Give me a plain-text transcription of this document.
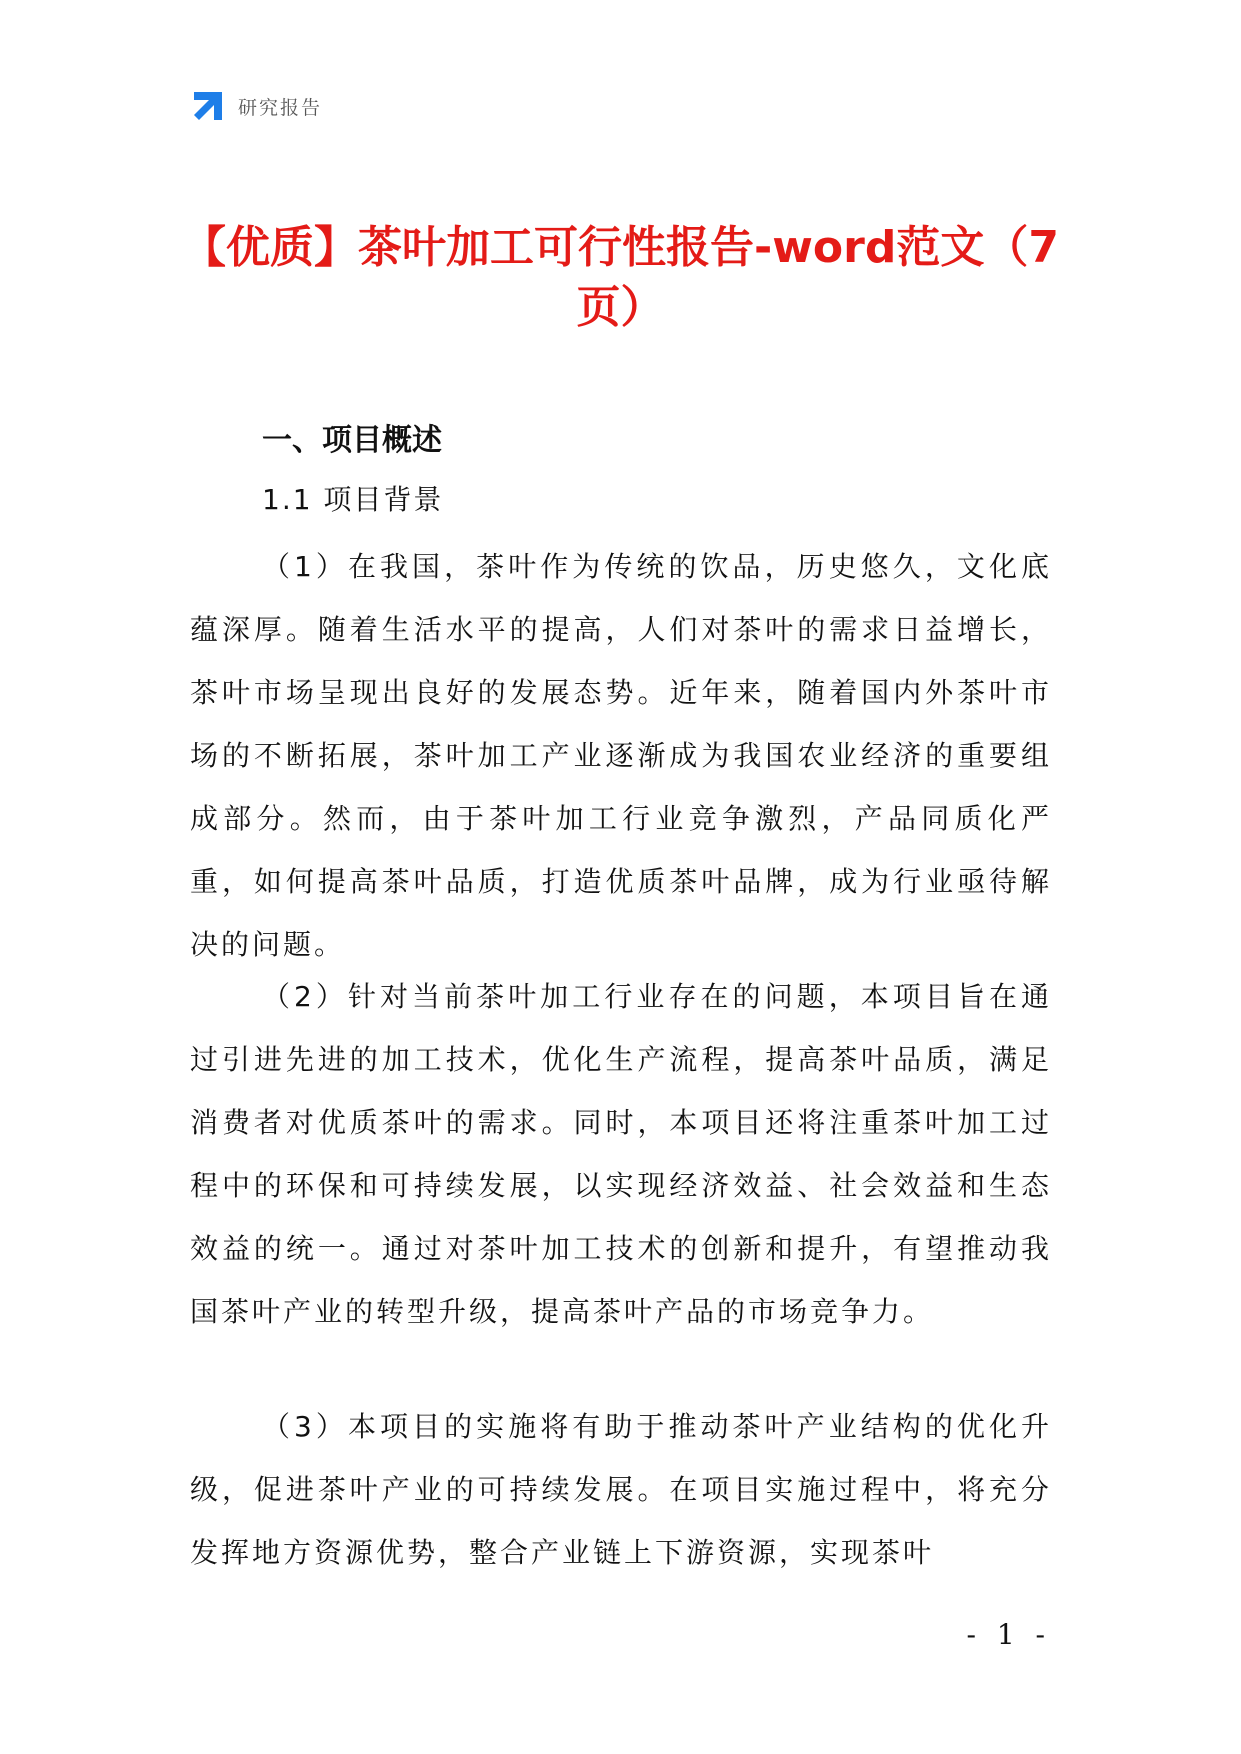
研究报告
【优质】茶叶加工可行性报告-word范文（7页）
一、项目概述
1.1 项目背景

（1）在我国，茶叶作为传统的饮品，历史悠久，文化底蕴深厚。随着生活水平的提高，人们对茶叶的需求日益增长，茶叶市场呈现出良好的发展态势。近年来，随着国内外茶叶市场的不断拓展，茶叶加工产业逐渐成为我国农业经济的重要组成部分。然而，由于茶叶加工行业竞争激烈，产品同质化严重，如何提高茶叶品质，打造优质茶叶品牌，成为行业亟待解决的问题。

（2）针对当前茶叶加工行业存在的问题，本项目旨在通过引进先进的加工技术，优化生产流程，提高茶叶品质，满足消费者对优质茶叶的需求。同时，本项目还将注重茶叶加工过程中的环保和可持续发展，以实现经济效益、社会效益和生态效益的统一。通过对茶叶加工技术的创新和提升，有望推动我国茶叶产业的转型升级，提高茶叶产品的市场竞争力。

（3）本项目的实施将有助于推动茶叶产业结构的优化升级，促进茶叶产业的可持续发展。在项目实施过程中，将充分发挥地方资源优势，整合产业链上下游资源，实现茶叶

- 1 -
